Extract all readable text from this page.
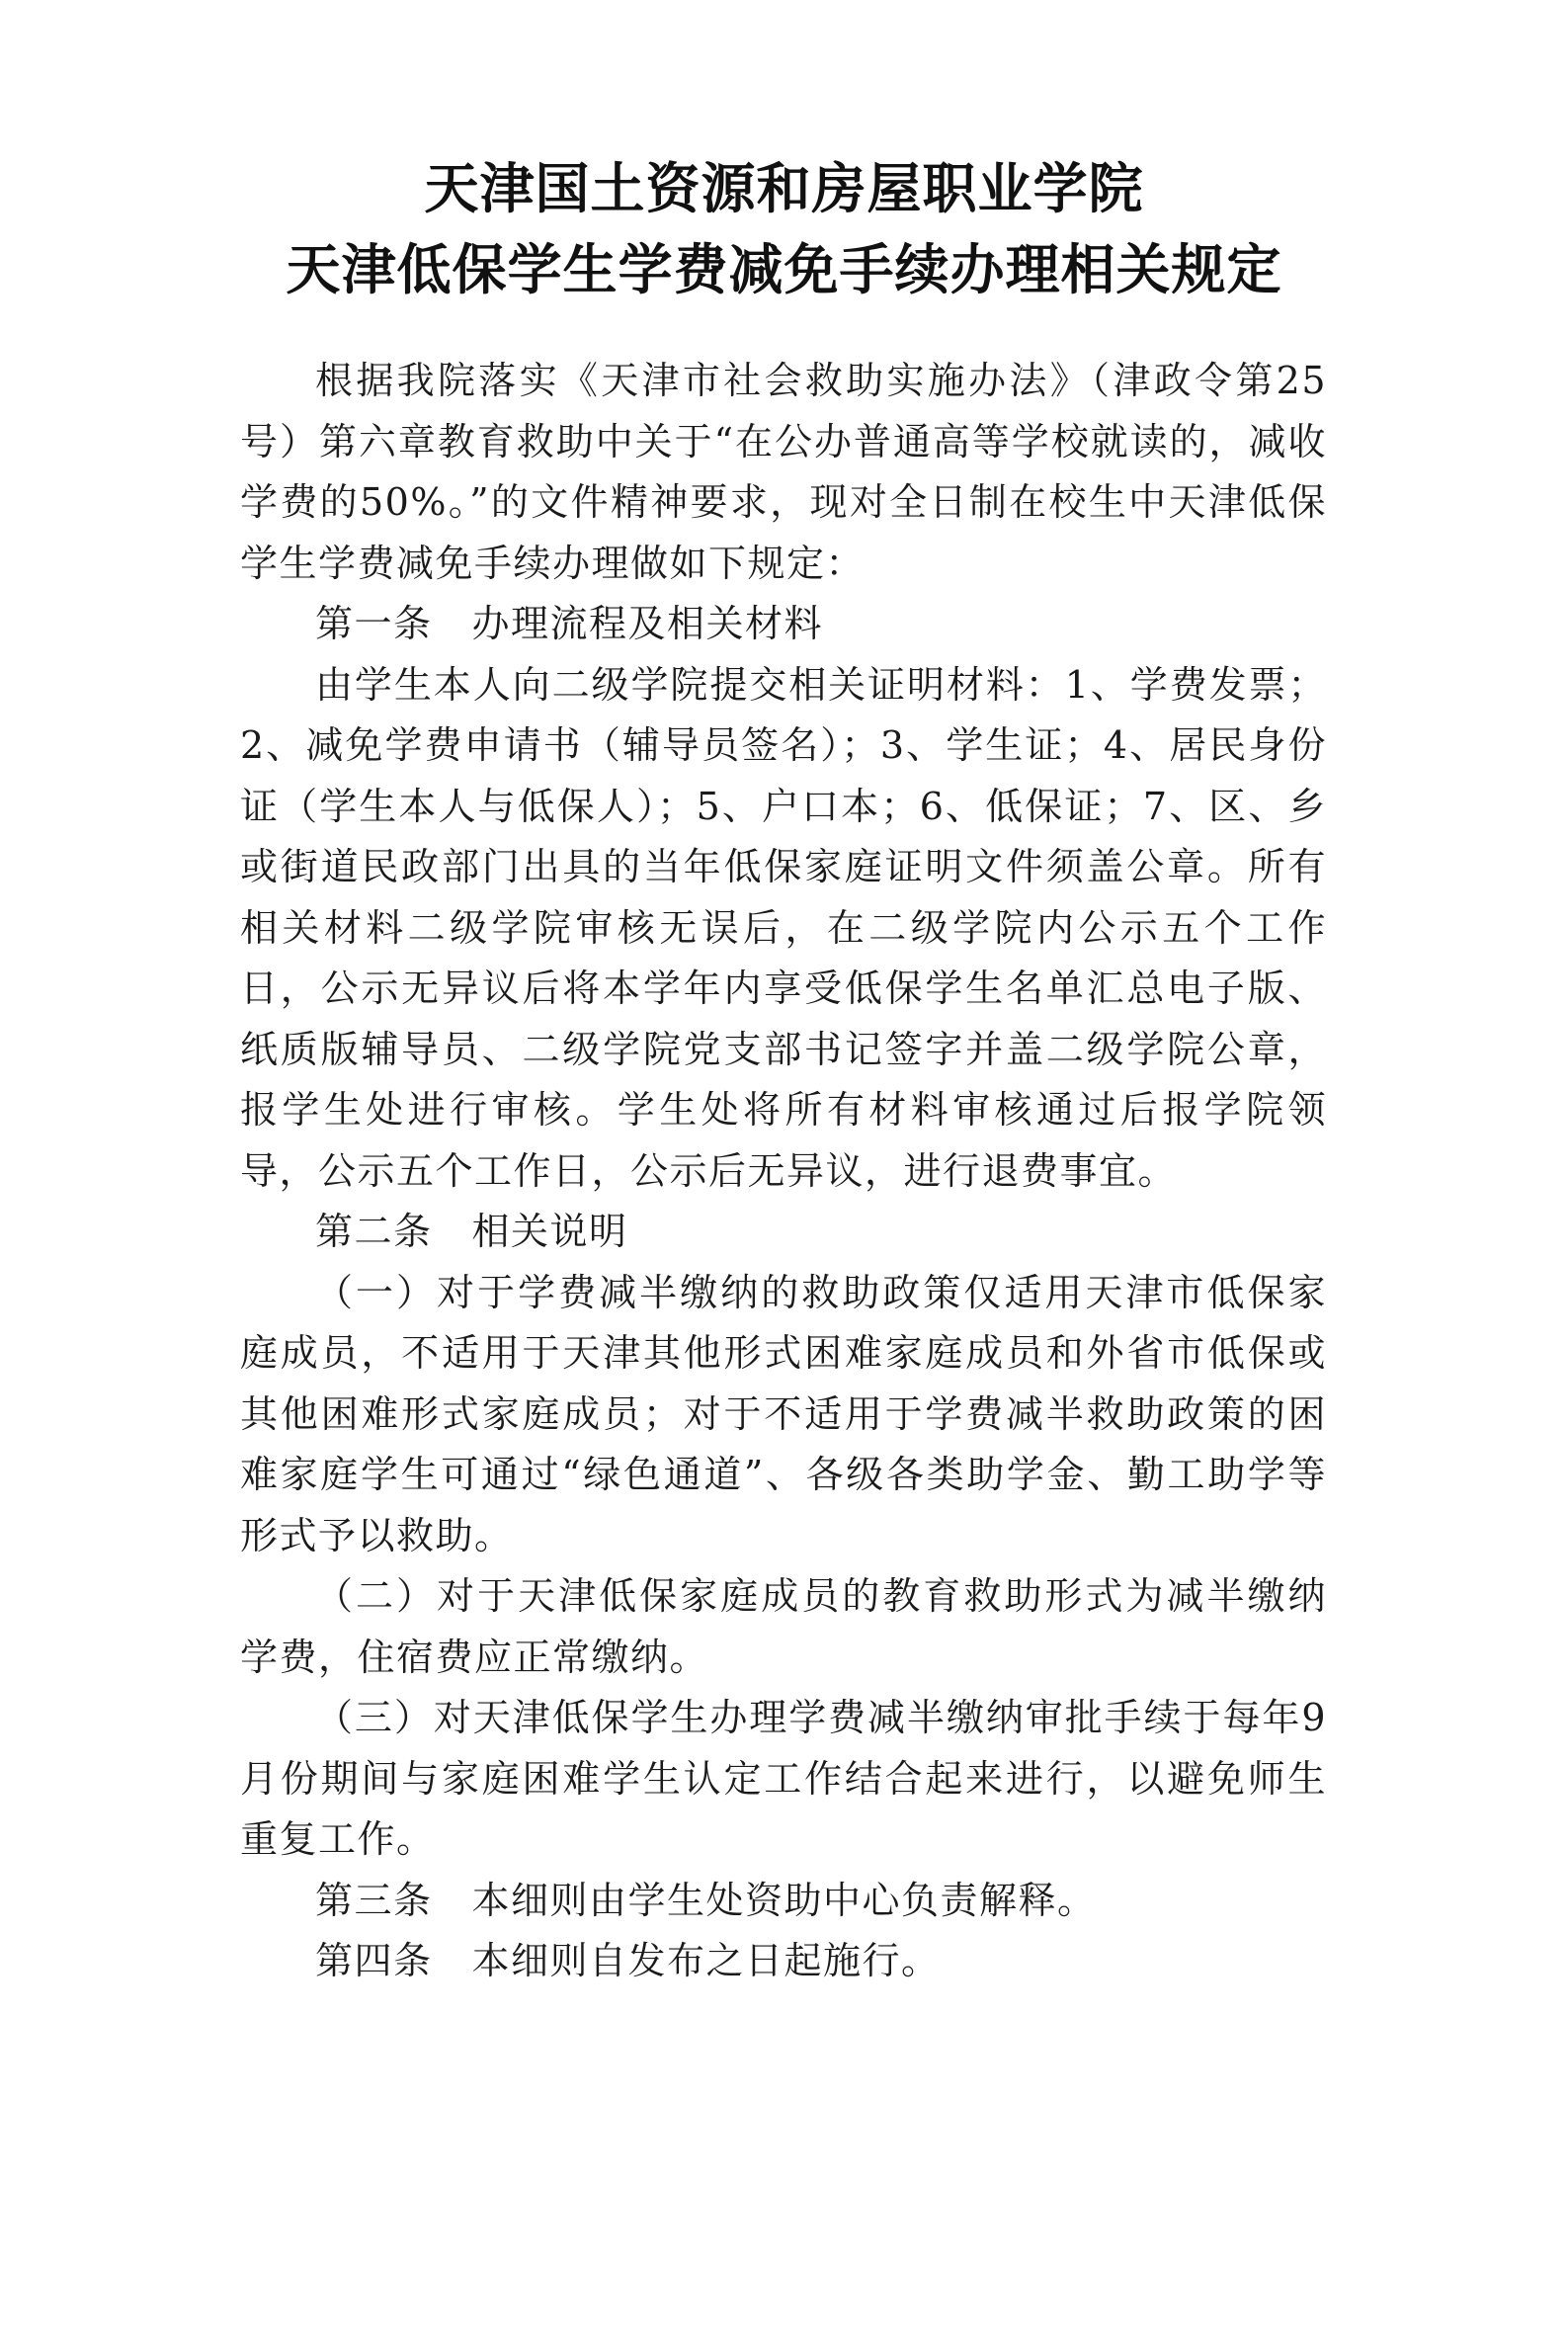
天津国土资源和房屋职业学院
天津低保学生学费减免手续办理相关规定

根据我院落实《天津市社会救助实施办法》（津政令第25号）第六章教育救助中关于“在公办普通高等学校就读的，减收学费的50%。”的文件精神要求，现对全日制在校生中天津低保学生学费减免手续办理做如下规定：

第一条 办理流程及相关材料

由学生本人向二级学院提交相关证明材料：1、学费发票；2、减免学费申请书（辅导员签名）；3、学生证；4、居民身份证（学生本人与低保人）；5、户口本；6、低保证；7、区、乡或街道民政部门出具的当年低保家庭证明文件须盖公章。所有相关材料二级学院审核无误后，在二级学院内公示五个工作日，公示无异议后将本学年内享受低保学生名单汇总电子版、纸质版辅导员、二级学院党支部书记签字并盖二级学院公章，报学生处进行审核。学生处将所有材料审核通过后报学院领导，公示五个工作日，公示后无异议，进行退费事宜。

第二条 相关说明

（一）对于学费减半缴纳的救助政策仅适用天津市低保家庭成员，不适用于天津其他形式困难家庭成员和外省市低保或其他困难形式家庭成员；对于不适用于学费减半救助政策的困难家庭学生可通过“绿色通道”、各级各类助学金、勤工助学等形式予以救助。

（二）对于天津低保家庭成员的教育救助形式为减半缴纳学费，住宿费应正常缴纳。

（三）对天津低保学生办理学费减半缴纳审批手续于每年9月份期间与家庭困难学生认定工作结合起来进行，以避免师生重复工作。

第三条 本细则由学生处资助中心负责解释。

第四条 本细则自发布之日起施行。
